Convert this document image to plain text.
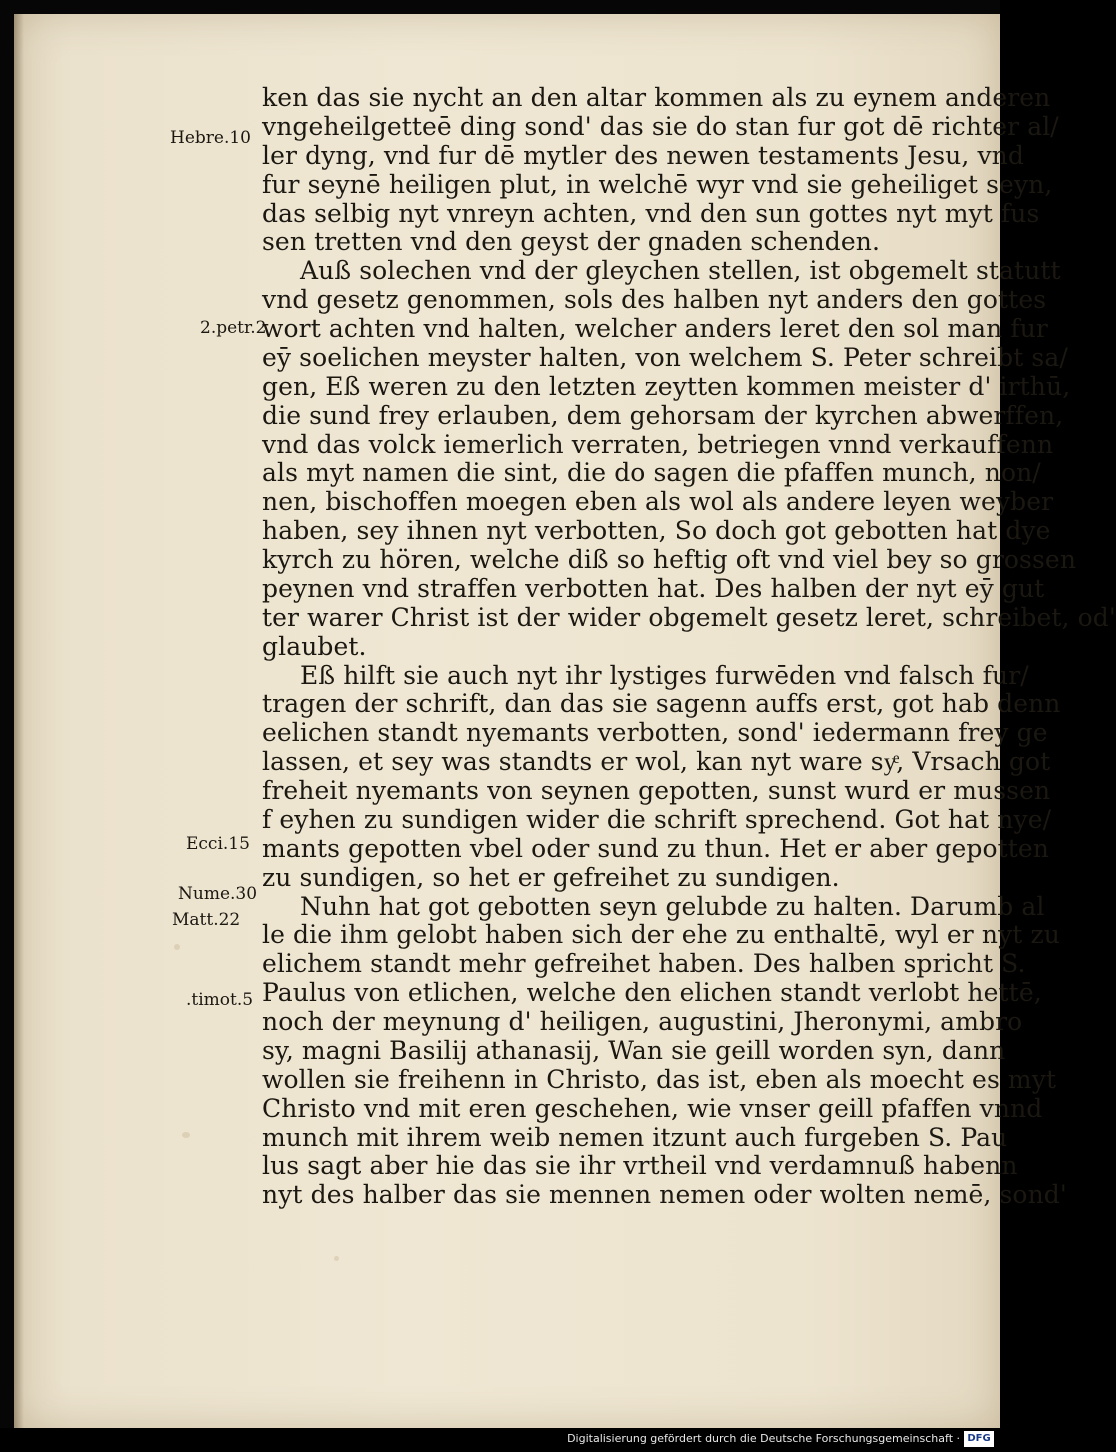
Hebre.10
2.petr.2
Ecci.15
Nume.30
Matt.22
.timot.5
ken das sie nycht an den altar kommen als zu eynem anderen
vngeheilgetteē ding sond' das sie do stan fur got dē richter al/
ler dyng, vnd fur dē mytler des newen testaments Jesu, vnd
fur seynē heiligen plut, in welchē wyr vnd sie geheiliget seyn,
das selbig nyt vnreyn achten, vnd den sun gottes nyt myt fus
sen tretten vnd den geyst der gnaden schenden.
Auß solechen vnd der gleychen stellen, ist obgemelt statutt
vnd gesetz genommen, sols des halben nyt anders den gottes
wort achten vnd halten, welcher anders leret den sol man fur
eȳ soelichen meyster halten, von welchem S. Peter schreibt sa/
gen, Eß weren zu den letzten zeytten kommen meister d' irthū,
die sund frey erlauben, dem gehorsam der kyrchen abwerffen,
vnd das volck iemerlich verraten, betriegen vnnd verkauffenn
als myt namen die sint, die do sagen die pfaffen munch, non/
nen, bischoffen moegen eben als wol als andere leyen weyber
haben, sey ihnen nyt verbotten, So doch got gebotten hat dye
kyrch zu hören, welche diß so heftig oft vnd viel bey so grossen
peynen vnd straffen verbotten hat. Des halben der nyt eȳ gut
ter warer Christ ist der wider obgemelt gesetz leret, schreibet, od'
glaubet.
Eß hilft sie auch nyt ihr lystiges furwēden vnd falsch fur/
tragen der schrift, dan das sie sagenn auffs erst, got hab denn
eelichen standt nyemants verbotten, sond' iedermann frey ge
lassen, et sey was standts er wol, kan nyt ware syͤ, Vrsach got
freheit nyemants von seynen gepotten, sunst wurd er mussen
f eyhen zu sundigen wider die schrift sprechend. Got hat nye/
mants gepotten vbel oder sund zu thun. Het er aber gepotten
zu sundigen, so het er gefreihet zu sundigen.
Nuhn hat got gebotten seyn gelubde zu halten. Darumb al
le die ihm gelobt haben sich der ehe zu enthaltē, wyl er nyt zu
elichem standt mehr gefreihet haben. Des halben spricht S.
Paulus von etlichen, welche den elichen standt verlobt hettē,
noch der meynung d' heiligen, augustini, Jheronymi, ambro
sy, magni Basilij athanasij, Wan sie geill worden syn, dann
wollen sie freihenn in Christo, das ist, eben als moecht es myt
Christo vnd mit eren geschehen, wie vnser geill pfaffen vnnd
munch mit ihrem weib nemen itzunt auch furgeben S. Pau
lus sagt aber hie das sie ihr vrtheil vnd verdamnuß habenn
nyt des halber das sie mennen nemen oder wolten nemē, sond'
Digitalisierung gefördert durch die Deutsche Forschungsgemeinschaft · DFG
